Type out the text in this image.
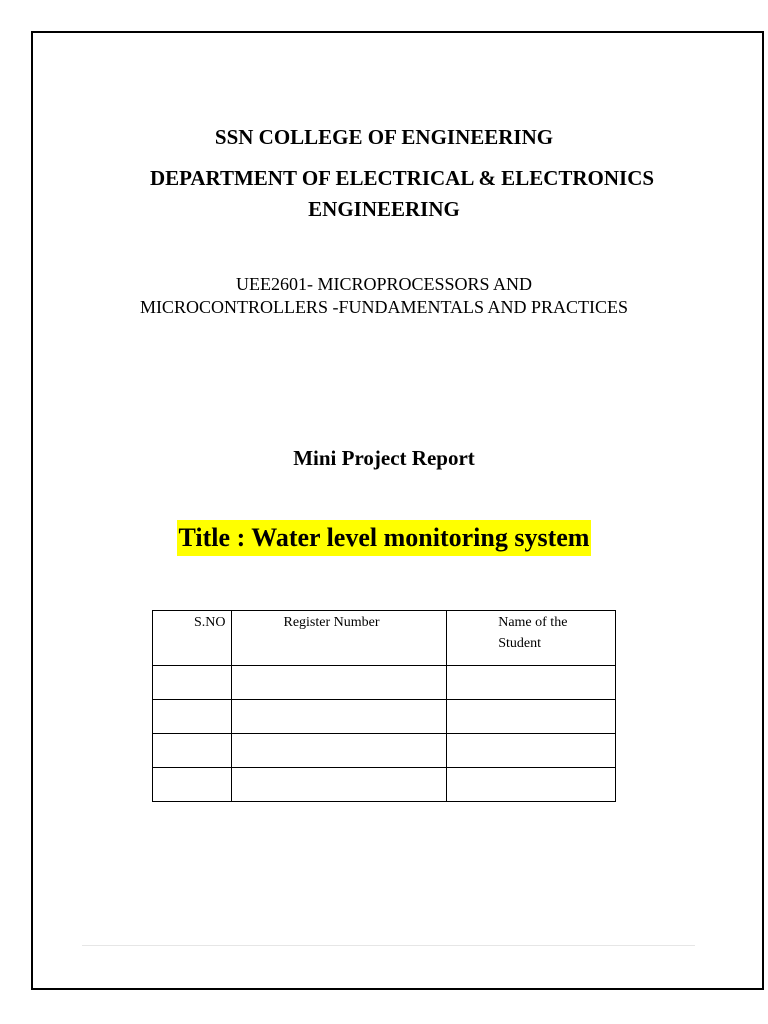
SSN COLLEGE OF ENGINEERING
DEPARTMENT OF ELECTRICAL & ELECTRONICS
ENGINEERING
UEE2601- MICROPROCESSORS AND
MICROCONTROLLERS -FUNDAMENTALS AND PRACTICES
Mini Project Report
Title : Water level monitoring system
S.NO	Register Number	Name of the
Student
